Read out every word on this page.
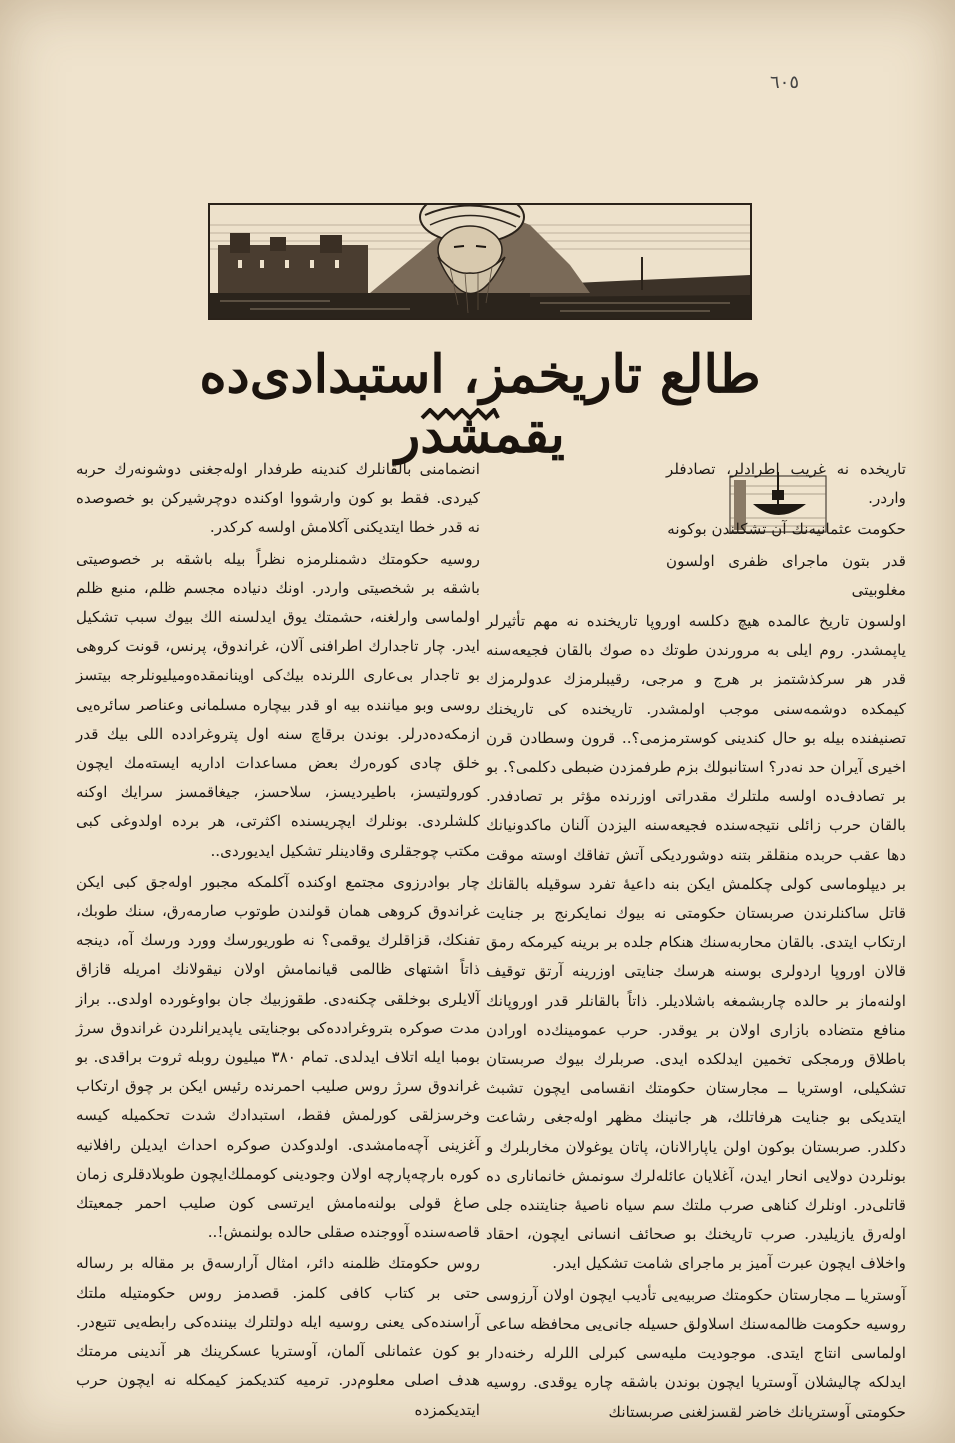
٦٠٥
طالع تاریخمز، استبدادی‌ده یقمشدر

تاریخده نه غریب اطرادلر، تصادفلر واردر.

حکومت عثمانیه‌نك آن تشکلندن بوکونه

قدر بتون ماجرای ظفری اولسون مغلوبیتی

اولسون تاریخ عالمده هیچ دکلسه اوروپا تاریخنده نه مهم تأثیرلر یاپمشدر. روم ایلی به مرورندن طوتك ده صوك بالقان فجیعه‌سنه قدر هر سرکذشتمز بر هرج و مرجی، رقیبلرمزك عدولرمزك کیمکده دوشمه‌سنی موجب اولمشدر. تاریخنده کی تاریخنك تصنیفنده بیله بو حال کندینی کوسترمزمی؟.. قرون وسطادن قرن اخیری آیران حد نه‌در؟ استانبولك بزم طرفمزدن ضبطی دکلمی؟. بو بر تصادف‌ده اولسه ملتلرك مقدراتی اوزرنده مؤثر بر تصادفدر. بالقان حرب زائلی نتیجه‌سنده فجیعه‌سنه الیزدن آلنان ماکدونیانك دها عقب حربده منقلقر بتنه دوشوردیکی آتش تفاقك اوسته موقت بر دیپلوماسی کولی چکلمش ایکن بنه داعیهٔ تفرد سوقیله بالقانك قاتل ساکنلرندن صربستان حکومتی نه بیوك نمایکرنج بر جنایت ارتکاب ایتدی. بالقان محاربه‌سنك هنکام جلده بر برینه کیرمکه رمق قالان اوروپا اردولری بوسنه هرسك جنایتی اوزرینه آرتق توقیف اولنه‌ماز بر حالده چاربشمغه باشلادیلر. ذاتاً بالقانلر قدر اوروپانك منافع متضاده بازاری اولان بر یوقدر. حرب عمومینك‌ده اورادن باطلاق ورمجکی تخمین ایدلکده ایدی. صربلرك بیوك صربستان تشکیلی، اوستریا ــ مجارستان حکومتك انقسامی ایچون تشبث ایتدیکی بو جنایت هرفاتلك، هر جانینك مظهر اوله‌جغی رشاعت دکلدر. صربستان بوکون اولن یاپارالانان، پاتان یوغولان مخاربلرك و بونلردن دولایی انحار ایدن، آغلایان عائله‌لرك سونمش خانماناری ده قاتلی‌در. اونلرك کناهی صرب ملتك سم سیاه ناصیهٔ جنایتنده جلی اوله‌رق یازیلیدر. صرب تاریخنك بو صحائف انسانی ایچون، احقاد واخلاف ایچون عبرت آمیز بر ماجرای شامت تشکیل ایدر.

آوستریا ــ مجارستان حکومتك صربیه‌یی تأدیب ایچون اولان آرزوسی روسیه حکومت ظالمه‌سنك اسلاولق حسیله جانی‌یی محافظه ساعی اولماسی انتاج ایتدی. موجودیت ملیه‌سی کبرلی اللرله رخنه‌دار ایدلکه چالیشلان آوستریا ایچون بوندن باشقه چاره یوقدی. روسیه حکومتی آوستریانك خاضر لقسزلغنی صربستانك

انضمامنی بالقانلرك کندینه طرفدار اوله‌جغنی دوشونه‌رك حربه کیردی. فقط بو کون وارشووا اوکنده دوچرشیرکن بو خصوصده نه قدر خطا ایتدیکنی آکلامش اولسه کرکدر.

روسیه حکومتك دشمنلرمزه نظراً بیله باشقه بر خصوصیتی باشقه بر شخصیتی واردر. اونك دنیاده مجسم ظلم، منبع ظلم اولماسی وارلغنه، حشمتك یوق ایدلسنه الك بیوك سبب تشکیل ایدر. چار تاجدارك اطرافنی آلان، غراندوق، پرنس، قونت کروهی بو تاجدار بی‌عاری اللرنده بیك‌کی اوینانمقده‌ومیلیونلرجه بیتسز روسی وبو میاننده بیه او قدر بیچاره مسلمانی وعناصر سائره‌یی ازمکه‌ده‌درلر. بوندن برقاچ سنه اول پتروغراد‌ده اللی بیك قدر خلق چادی کوره‌رك بعض مساعدات اداریه ایسته‌مك ایچون کورولتیسز، باطیردیسز، سلاحسز، جیغاقمسز سرایك اوکنه کلشلردی. بونلرك ایچریسنده اکثرتی، هر برده اولدوغی کبی مکتب چوجقلری وقادینلر تشکیل ایدیوردی..

چار بوادرزوی مجتمع اوکنده آکلمکه مجبور اوله‌جق کبی ایکن غراندوق کروهی همان قولندن طوتوب صارمه‌رق، سنك طوبك، تفنكك، قزاقلرك یوقمی؟ نه طوریورسك وورد ورسك آه، دینجه ذاتاً اشتهای ظالمی قیانمامش اولان نیقولانك امریله قازاق آلایلری بوخلقی چکنه‌دی. طقوزبیك جان بواوغورده اولدی.. براز مدت صوکره بتروغرادده‌کی بوجنایتی یاپدیرانلردن غراندوق سرژ بومبا ایله اتلاف ایدلدی. تمام ٣٨٠ میلیون روبله ثروت براقدی. بو غراندوق سرژ روس صلیب احمرنده رئیس ایکن بر چوق ارتکاب وخرسزلقی کورلمش فقط، استبدادك شدت تحکمیله کیسه آغزینی آچه‌مامشدی. اولدوکدن صوکره احداث ایدیلن رافلانیه کوره بارچه‌پارچه اولان وجودینی کومملك‌ایچون طوبلادقلری زمان صاغ قولی بولنه‌مامش ایرتسی کون صلیب احمر جمعیتك قاصه‌سنده آووجنده صقلی حالده بولنمش!..

روس حکومتك ظلمنه دائر، امثال آرارسه‌ق بر مقاله بر رساله حتی بر کتاب کافی کلمز. قصدمز روس حکومتیله ملتك آراسنده‌کی یعنی روسیه ایله دولتلرك بیننده‌کی رابطه‌یی تتبع‌در. بو کون عثمانلی آلمان، آوستریا عسکرینك هر آندینی مرمتك هدف اصلی معلوم‌در. ترمیه کتدیکمز کیمکله نه ایچون حرب ایتدیکمزده
